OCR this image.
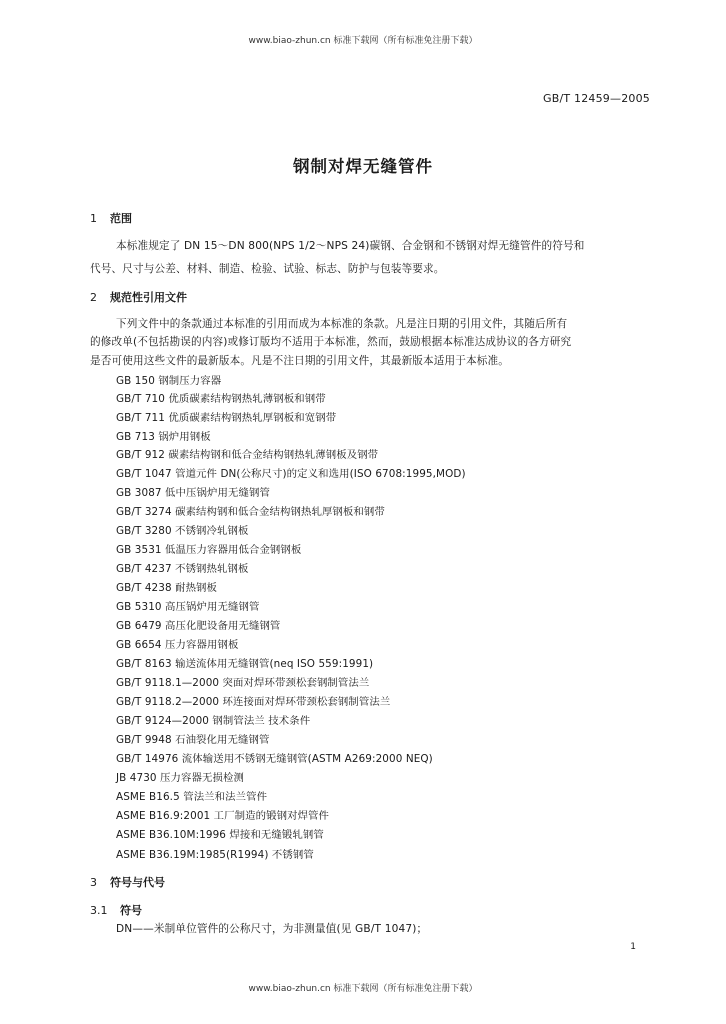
www.biao-zhun.cn 标准下载网（所有标准免注册下载）
GB/T 12459—2005
钢制对焊无缝管件
1 范围
本标准规定了 DN 15～DN 800(NPS 1/2～NPS 24)碳钢、合金钢和不锈钢对焊无缝管件的符号和
代号、尺寸与公差、材料、制造、检验、试验、标志、防护与包装等要求。
2 规范性引用文件
下列文件中的条款通过本标准的引用而成为本标准的条款。凡是注日期的引用文件，其随后所有
的修改单(不包括勘误的内容)或修订版均不适用于本标准，然而，鼓励根据本标准达成协议的各方研究
是否可使用这些文件的最新版本。凡是不注日期的引用文件，其最新版本适用于本标准。
GB 150 钢制压力容器
GB/T 710 优质碳素结构钢热轧薄钢板和钢带
GB/T 711 优质碳素结构钢热轧厚钢板和宽钢带
GB 713 锅炉用钢板
GB/T 912 碳素结构钢和低合金结构钢热轧薄钢板及钢带
GB/T 1047 管道元件 DN(公称尺寸)的定义和选用(ISO 6708:1995,MOD)
GB 3087 低中压锅炉用无缝钢管
GB/T 3274 碳素结构钢和低合金结构钢热轧厚钢板和钢带
GB/T 3280 不锈钢冷轧钢板
GB 3531 低温压力容器用低合金钢钢板
GB/T 4237 不锈钢热轧钢板
GB/T 4238 耐热钢板
GB 5310 高压锅炉用无缝钢管
GB 6479 高压化肥设备用无缝钢管
GB 6654 压力容器用钢板
GB/T 8163 输送流体用无缝钢管(neq ISO 559:1991)
GB/T 9118.1—2000 突面对焊环带颈松套钢制管法兰
GB/T 9118.2—2000 环连接面对焊环带颈松套钢制管法兰
GB/T 9124—2000 钢制管法兰 技术条件
GB/T 9948 石油裂化用无缝钢管
GB/T 14976 流体输送用不锈钢无缝钢管(ASTM A269:2000 NEQ)
JB 4730 压力容器无损检测
ASME B16.5 管法兰和法兰管件
ASME B16.9:2001 工厂制造的锻钢对焊管件
ASME B36.10M:1996 焊接和无缝锻轧钢管
ASME B36.19M:1985(R1994) 不锈钢管
3 符号与代号
3.1 符号
DN——米制单位管件的公称尺寸，为非测量值(见 GB/T 1047)；
1
www.biao-zhun.cn 标准下载网（所有标准免注册下载）
